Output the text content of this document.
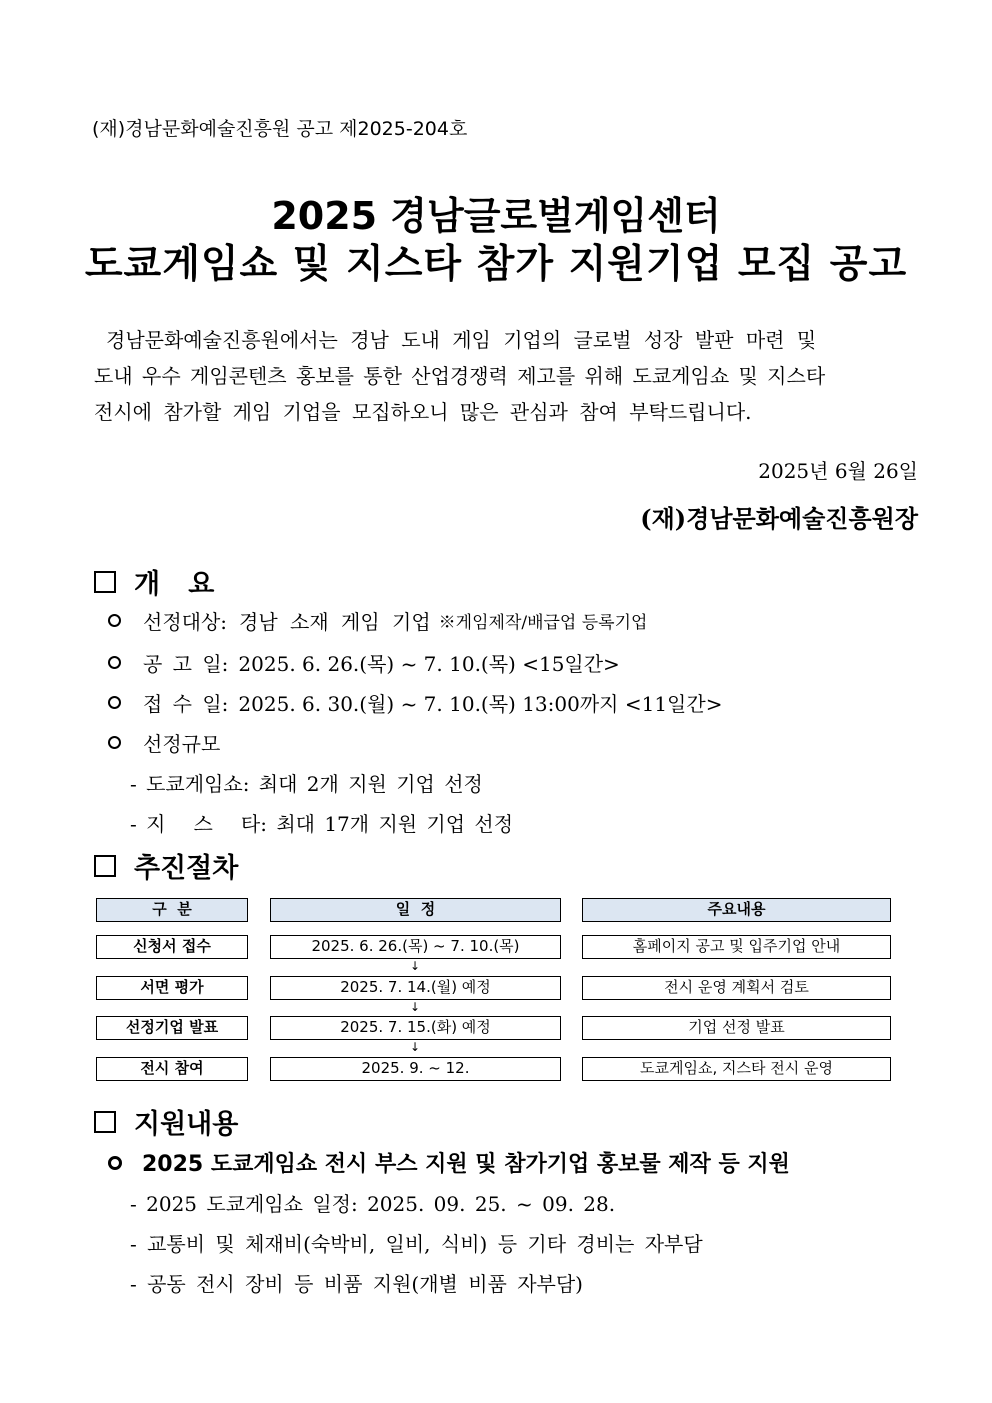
(재)경남문화예술진흥원 공고 제2025-204호
2025 경남글로벌게임센터
도쿄게임쇼 및 지스타 참가 지원기업 모집 공고
경남문화예술진흥원에서는 경남 도내 게임 기업의 글로벌 성장 발판 마련 및
도내 우수 게임콘텐츠 홍보를 통한 산업경쟁력 제고를 위해 도쿄게임쇼 및 지스타
전시에 참가할 게임 기업을 모집하오니 많은 관심과 참여 부탁드립니다.
2025년 6월 26일
(재)경남문화예술진흥원장
개   요
선정대상: 경남 소재 게임 기업 ※게임제작/배급업 등록기업
공 고 일: 2025. 6. 26.(목) ~ 7. 10.(목) <15일간>
접 수 일: 2025. 6. 30.(월) ~ 7. 10.(목) 13:00까지 <11일간>
선정규모
- 도쿄게임쇼: 최대 2개 지원 기업 선정
- 지   스   타: 최대 17개 지원 기업 선정
추진절차
구  분	일  정	주요내용
신청서 접수	2025. 6. 26.(목) ~ 7. 10.(목)	홈페이지 공고 및 입주기업 안내
↓
서면 평가	2025. 7. 14.(월) 예정	전시 운영 계획서 검토
↓
선정기업 발표	2025. 7. 15.(화) 예정	기업 선정 발표
↓
전시 참여	2025. 9. ~ 12.	도쿄게임쇼, 지스타 전시 운영
지원내용
2025 도쿄게임쇼 전시 부스 지원 및 참가기업 홍보물 제작 등 지원
- 2025 도쿄게임쇼 일정: 2025. 09. 25. ~ 09. 28.
- 교통비 및 체재비(숙박비, 일비, 식비) 등 기타 경비는 자부담
- 공동 전시 장비 등 비품 지원(개별 비품 자부담)
